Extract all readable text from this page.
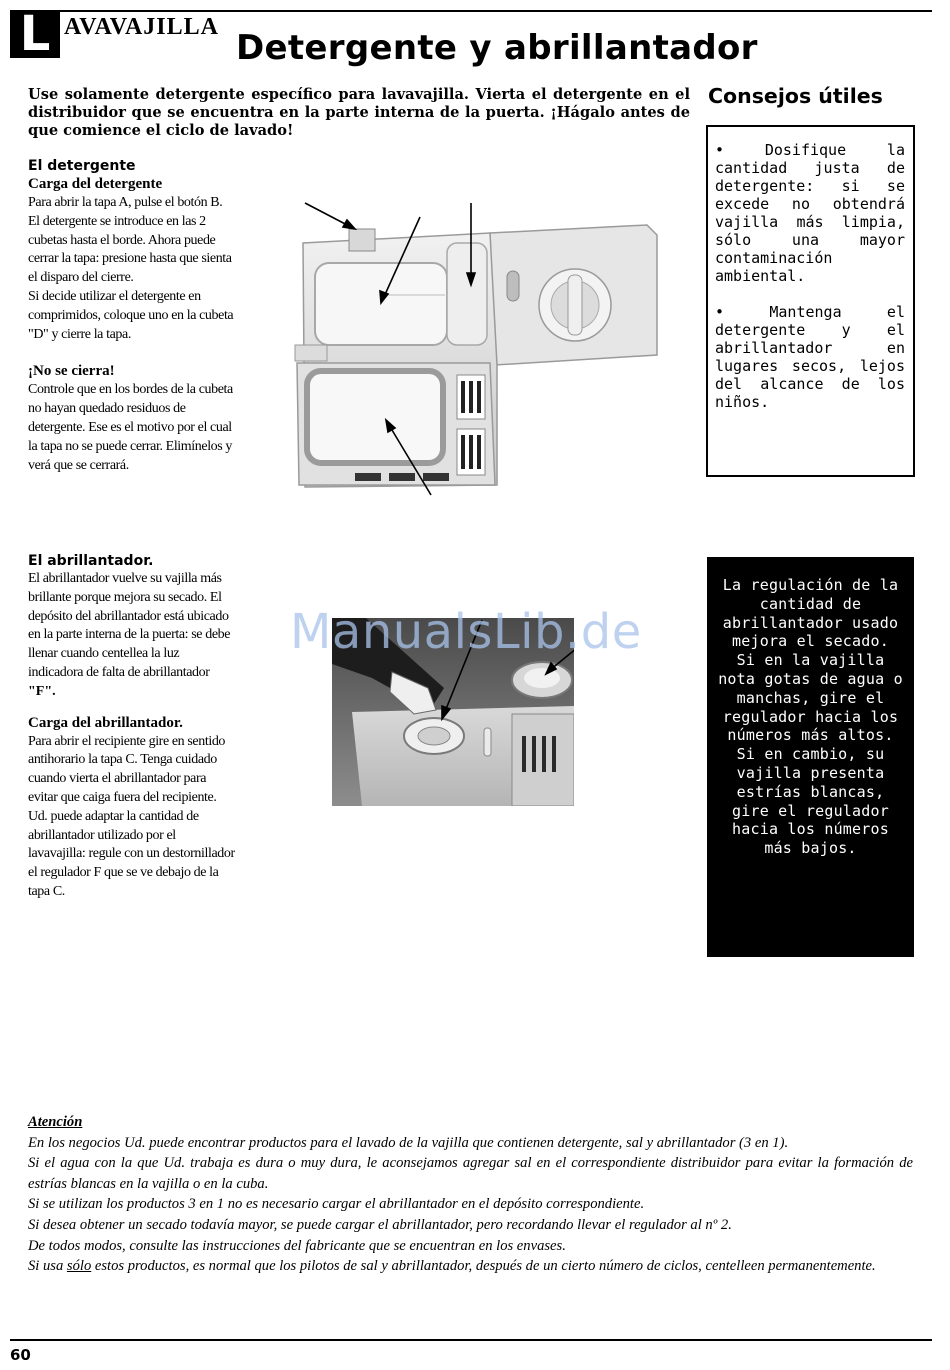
L AVAVAJILLA
Detergente y abrillantador
Use solamente detergente específico para lavavajilla. Vierta el detergente en el distribuidor que se encuentra en la parte interna de la puerta. ¡Hágalo antes de que comience el ciclo de lavado!
Consejos útiles

• Dosifique la cantidad justa de detergente: si se excede no obtendrá vajilla más limpia, sólo una mayor contaminación ambiental.

• Mantenga el detergente y el abrillantador en lugares secos, lejos del alcance de los niños.

El detergente
Carga del detergente

Para abrir la tapa A, pulse el botón B. El detergente se introduce en las 2 cubetas hasta el borde. Ahora puede cerrar la tapa: presione hasta que sienta el disparo del cierre.

Si decide utilizar el detergente en comprimidos, coloque uno en la cubeta "D" y cierre la tapa.

¡No se cierra!

Controle que en los bordes de la cubeta no hayan quedado residuos de detergente. Ese es el motivo por el cual la tapa no se puede cerrar. Elimínelos y verá que se cerrará.

El abrillantador.

El abrillantador vuelve su vajilla más brillante porque mejora su secado. El depósito del abrillantador está ubicado en la parte interna de la puerta: se debe llenar cuando centellea la luz indicadora de falta de abrillantador
"F".

Carga del abrillantador.

Para abrir el recipiente gire en sentido antihorario la tapa C. Tenga cuidado cuando vierta el abrillantador para evitar que caiga fuera del recipiente. Ud. puede adaptar la cantidad de abrillantador utilizado por el lavavajilla: regule con un destornillador el regulador F que se ve debajo de la tapa C.

La regulación de la cantidad de abrillantador usado mejora el secado.
Si en la vajilla nota gotas de agua o manchas, gire el regulador hacia los números más altos.
Si en cambio, su vajilla presenta estrías blancas, gire el regulador hacia los números más bajos.
ManualsLib.de

Atención

En los negocios Ud. puede encontrar productos para el lavado de la vajilla que contienen detergente, sal y abrillantador (3 en 1).

Si el agua con la que Ud. trabaja es dura o muy dura, le aconsejamos agregar sal en el correspondiente distribuidor para evitar la formación de estrías blancas en la vajilla o en la cuba.

Si se utilizan los productos 3 en 1 no es necesario cargar el abrillantador en el depósito correspondiente.

Si desea obtener un secado todavía mayor, se puede cargar el abrillantador, pero recordando llevar el regulador al nº 2.

De todos modos, consulte las instrucciones del fabricante que se encuentran en los envases.

Si usa sólo estos productos, es normal que los pilotos de sal y abrillantador, después de un cierto número de ciclos, centelleen permanentemente.

60
